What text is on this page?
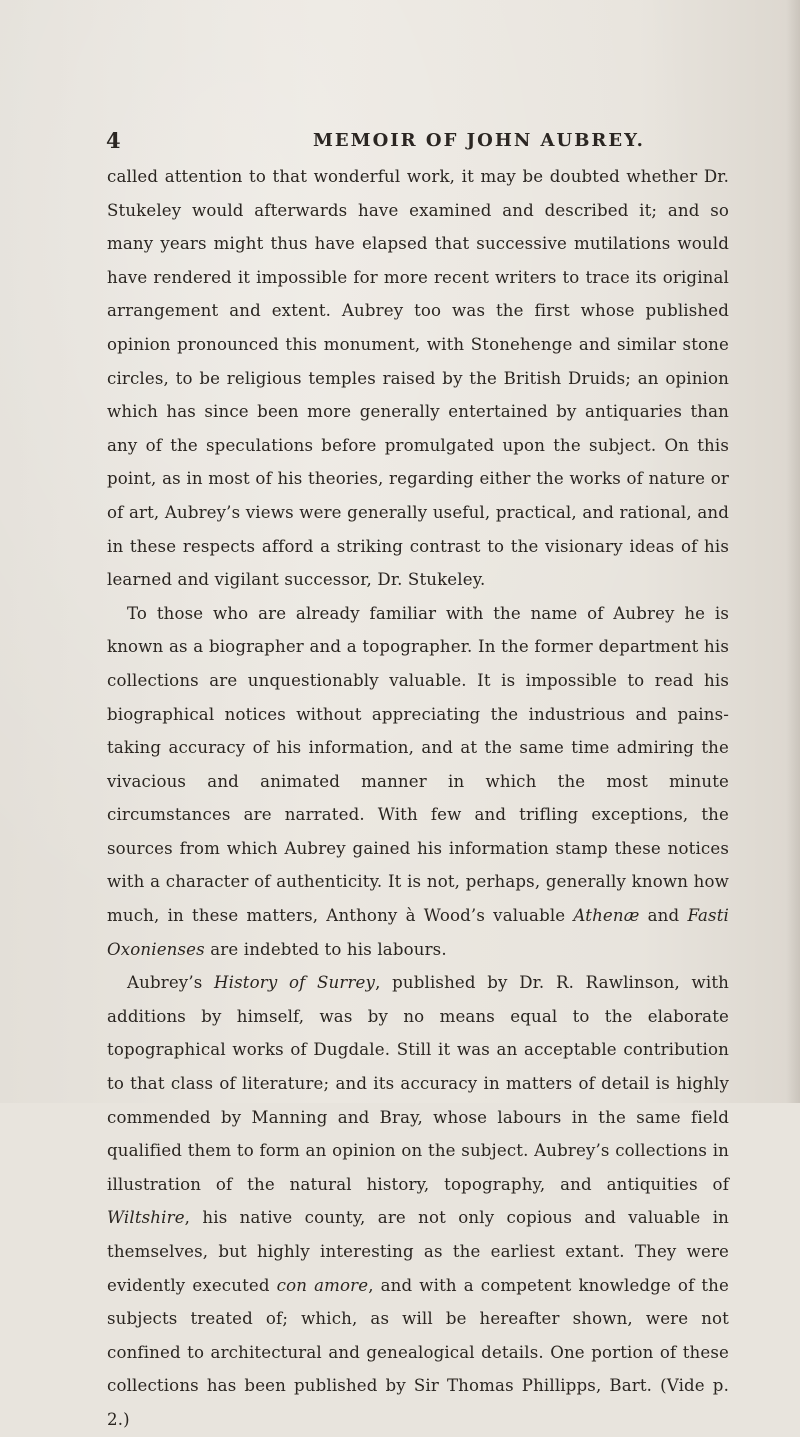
4	MEMOIR OF JOHN AUBREY.

called attention to that wonderful work, it may be doubted whether Dr. Stukeley would afterwards have examined and described it; and so many years might thus have elapsed that successive mutilations would have rendered it impossible for more recent writers to trace its original arrangement and extent. Aubrey too was the first whose published opinion pronounced this monument, with Stonehenge and similar stone circles, to be religious temples raised by the British Druids; an opinion which has since been more generally entertained by antiquaries than any of the speculations before promulgated upon the subject. On this point, as in most of his theories, regarding either the works of nature or of art, Aubrey’s views were generally useful, practical, and rational, and in these respects afford a striking contrast to the visionary ideas of his learned and vigilant successor, Dr. Stukeley.

To those who are already familiar with the name of Aubrey he is known as a biographer and a topographer. In the former department his collections are unquestionably valuable. It is impossible to read his biographical notices without appreciating the industrious and pains-taking accuracy of his information, and at the same time admiring the vivacious and animated manner in which the most minute circumstances are narrated. With few and trifling exceptions, the sources from which Aubrey gained his information stamp these notices with a character of authenticity. It is not, perhaps, generally known how much, in these matters, Anthony à Wood’s valuable Athenæ and Fasti Oxonienses are indebted to his labours.

Aubrey’s History of Surrey, published by Dr. R. Rawlinson, with additions by himself, was by no means equal to the elaborate topographical works of Dugdale. Still it was an acceptable contribution to that class of literature; and its accuracy in matters of detail is highly commended by Manning and Bray, whose labours in the same field qualified them to form an opinion on the subject. Aubrey’s collections in illustration of the natural history, topography, and antiquities of Wiltshire, his native county, are not only copious and valuable in themselves, but highly interesting as the earliest extant. They were evidently executed con amore, and with a competent knowledge of the subjects treated of; which, as will be hereafter shown, were not confined to architectural and genealogical details. One portion of these collections has been published by Sir Thomas Phillipps, Bart. (Vide p. 2.)
